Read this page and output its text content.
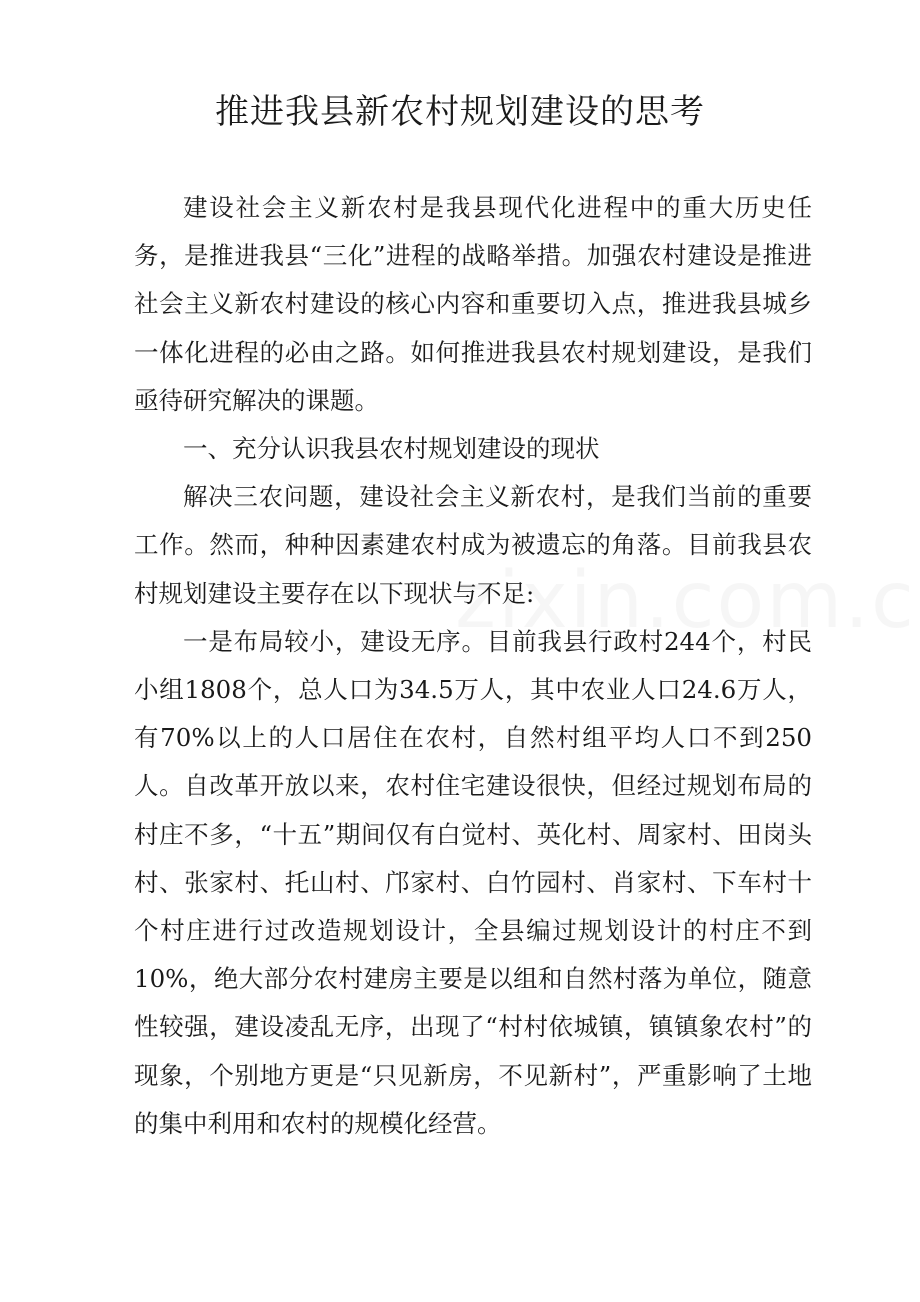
推进我县新农村规划建设的思考

建设社会主义新农村是我县现代化进程中的重大历史任务，是推进我县“三化”进程的战略举措。加强农村建设是推进社会主义新农村建设的核心内容和重要切入点，推进我县城乡一体化进程的必由之路。如何推进我县农村规划建设，是我们亟待研究解决的课题。

一、充分认识我县农村规划建设的现状

解决三农问题，建设社会主义新农村，是我们当前的重要工作。然而，种种因素建农村成为被遗忘的角落。目前我县农村规划建设主要存在以下现状与不足:

一是布局较小，建设无序。目前我县行政村244个，村民小组1808个，总人口为34.5万人，其中农业人口24.6万人，有70%以上的人口居住在农村，自然村组平均人口不到250人。自改革开放以来，农村住宅建设很快，但经过规划布局的村庄不多，“十五”期间仅有白觉村、英化村、周家村、田岗头村、张家村、托山村、邝家村、白竹园村、肖家村、下车村十个村庄进行过改造规划设计，全县编过规划设计的村庄不到10%，绝大部分农村建房主要是以组和自然村落为单位，随意性较强，建设凌乱无序，出现了“村村依城镇，镇镇象农村”的现象，个别地方更是“只见新房，不见新村”，严重影响了土地的集中利用和农村的规模化经营。
